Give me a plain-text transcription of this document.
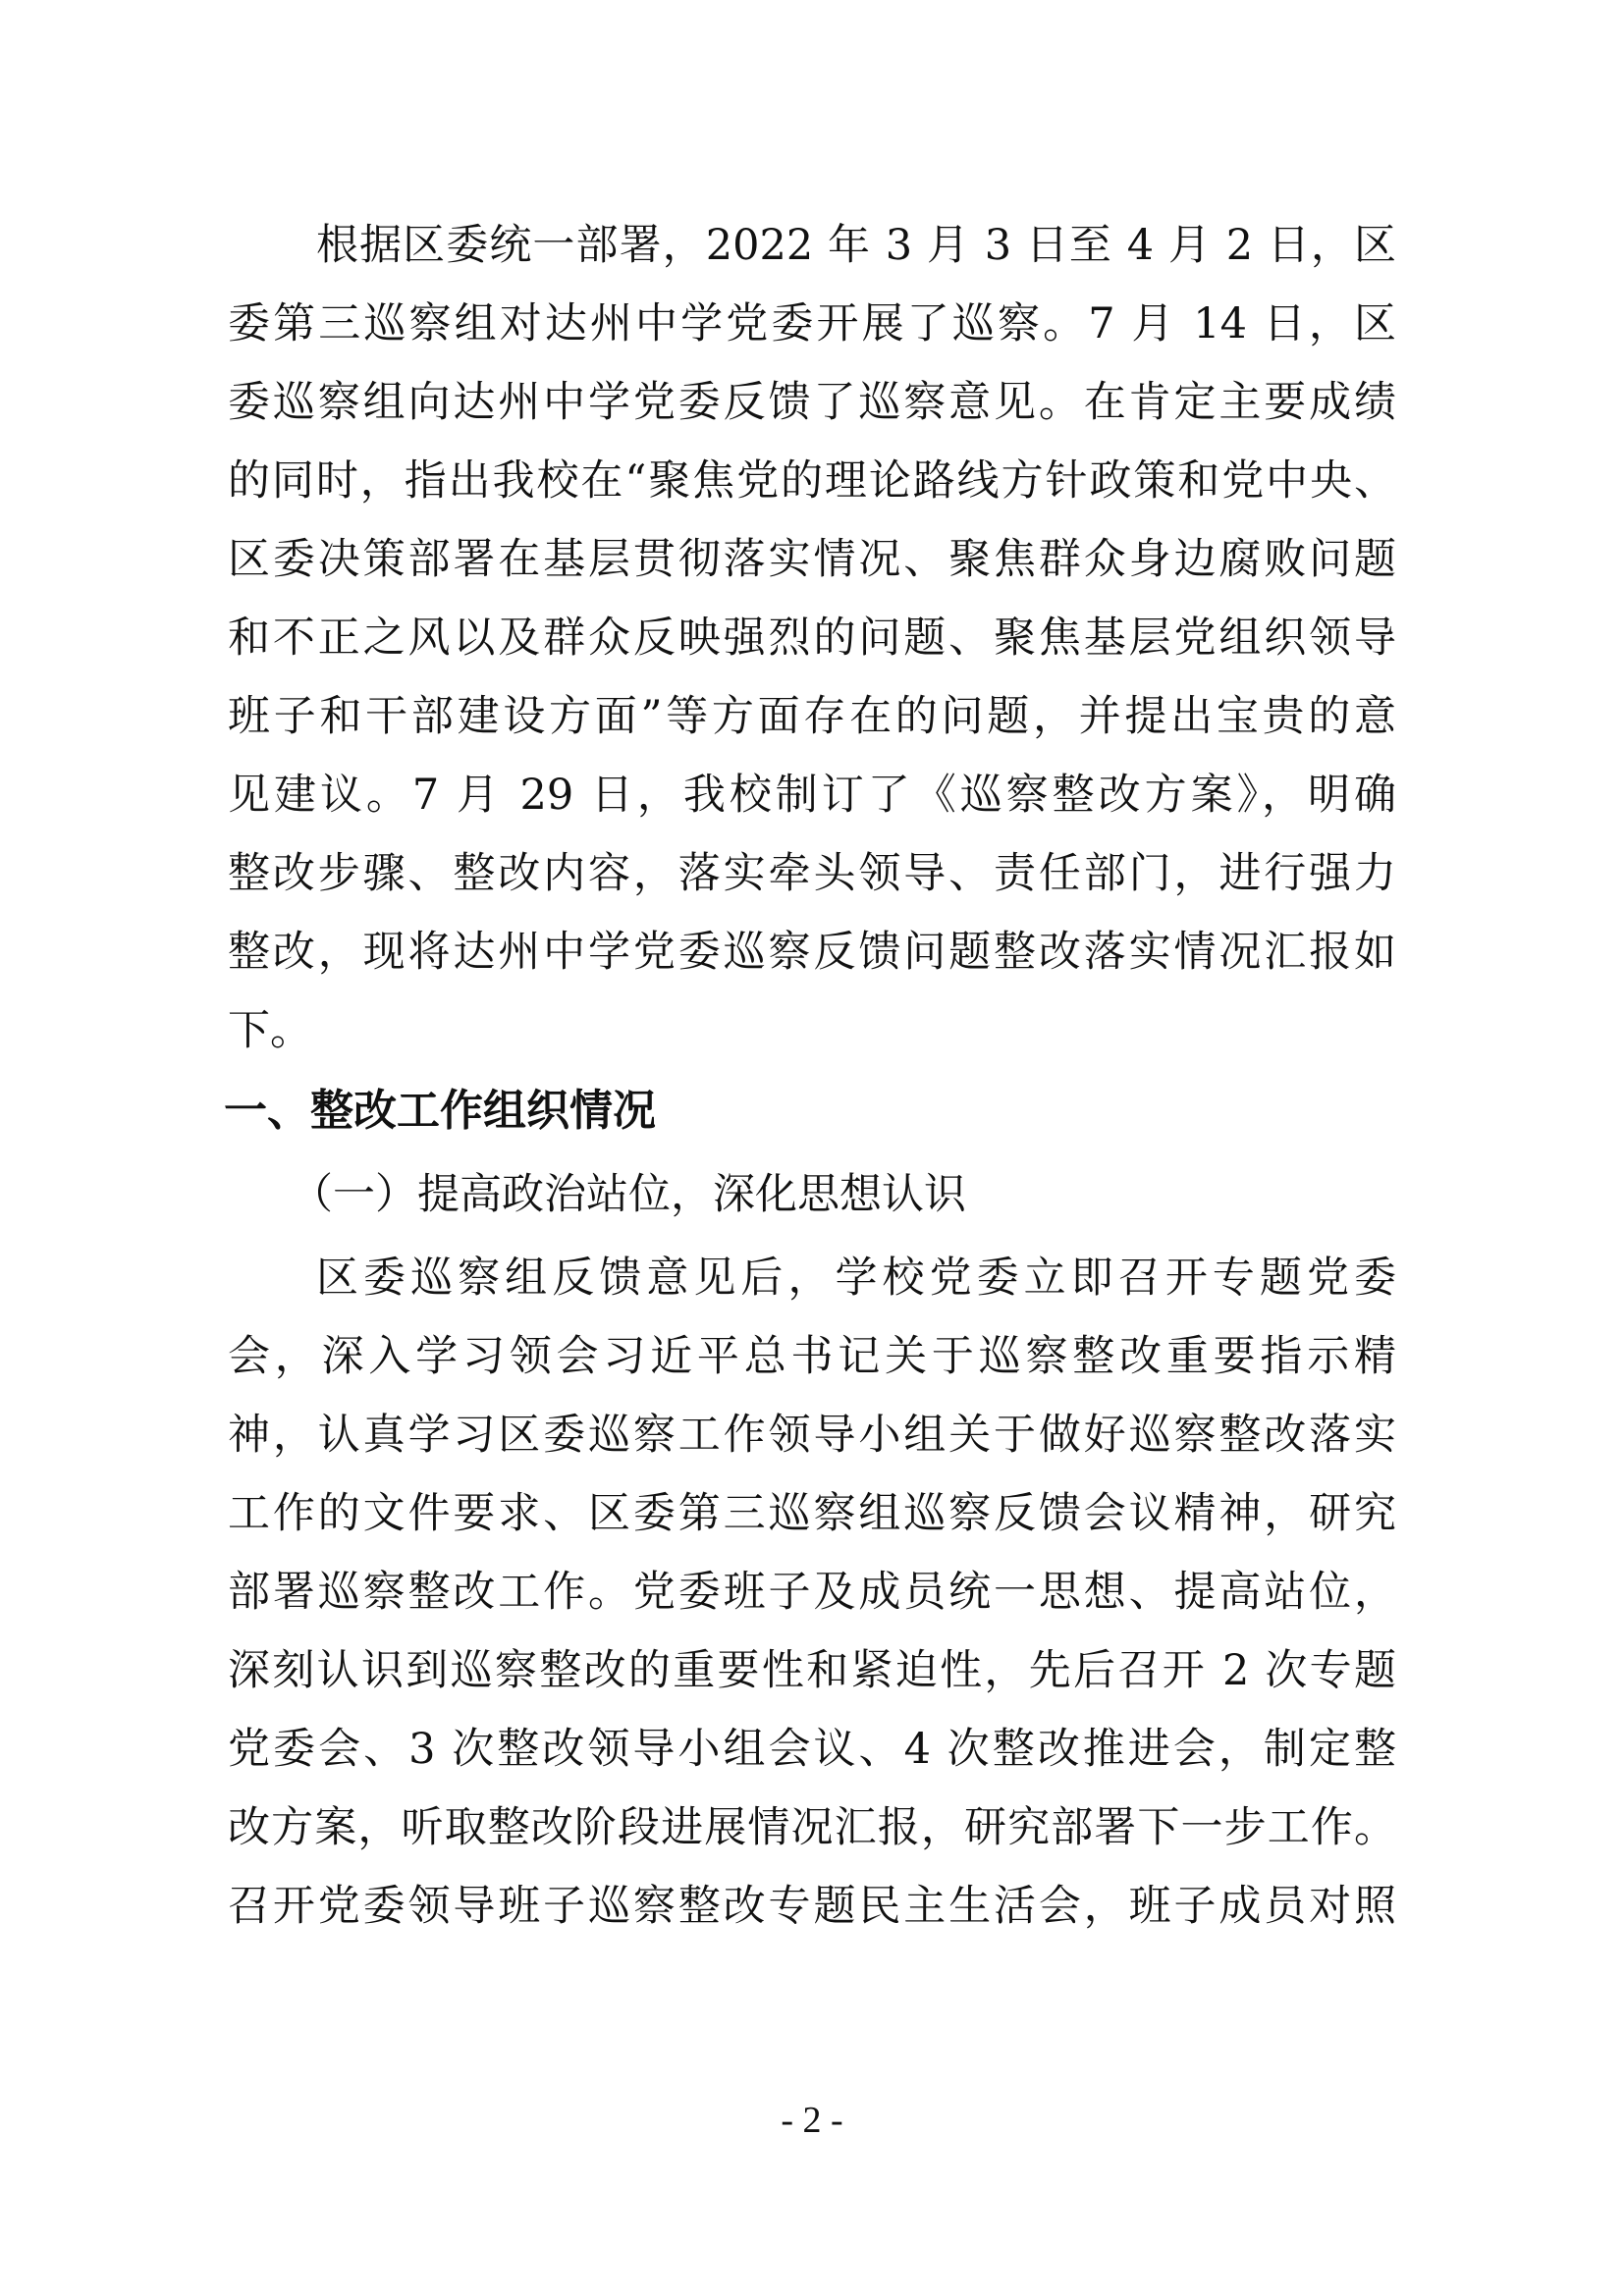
根据区委统一部署，2022 年 3 月 3 日至 4 月 2 日，区
委第三巡察组对达州中学党委开展了巡察。7 月 14 日，区
委巡察组向达州中学党委反馈了巡察意见。在肯定主要成绩
的同时，指出我校在“聚焦党的理论路线方针政策和党中央、
区委决策部署在基层贯彻落实情况、聚焦群众身边腐败问题
和不正之风以及群众反映强烈的问题、聚焦基层党组织领导
班子和干部建设方面”等方面存在的问题，并提出宝贵的意
见建议。7 月 29 日，我校制订了《巡察整改方案》，明确
整改步骤、整改内容，落实牵头领导、责任部门，进行强力
整改，现将达州中学党委巡察反馈问题整改落实情况汇报如
下。
一、整改工作组织情况
（一）提高政治站位，深化思想认识
区委巡察组反馈意见后，学校党委立即召开专题党委
会，深入学习领会习近平总书记关于巡察整改重要指示精
神，认真学习区委巡察工作领导小组关于做好巡察整改落实
工作的文件要求、区委第三巡察组巡察反馈会议精神，研究
部署巡察整改工作。党委班子及成员统一思想、提高站位，
深刻认识到巡察整改的重要性和紧迫性，先后召开 2 次专题
党委会、3 次整改领导小组会议、4 次整改推进会，制定整
改方案，听取整改阶段进展情况汇报，研究部署下一步工作。
召开党委领导班子巡察整改专题民主生活会，班子成员对照
- 2 -
